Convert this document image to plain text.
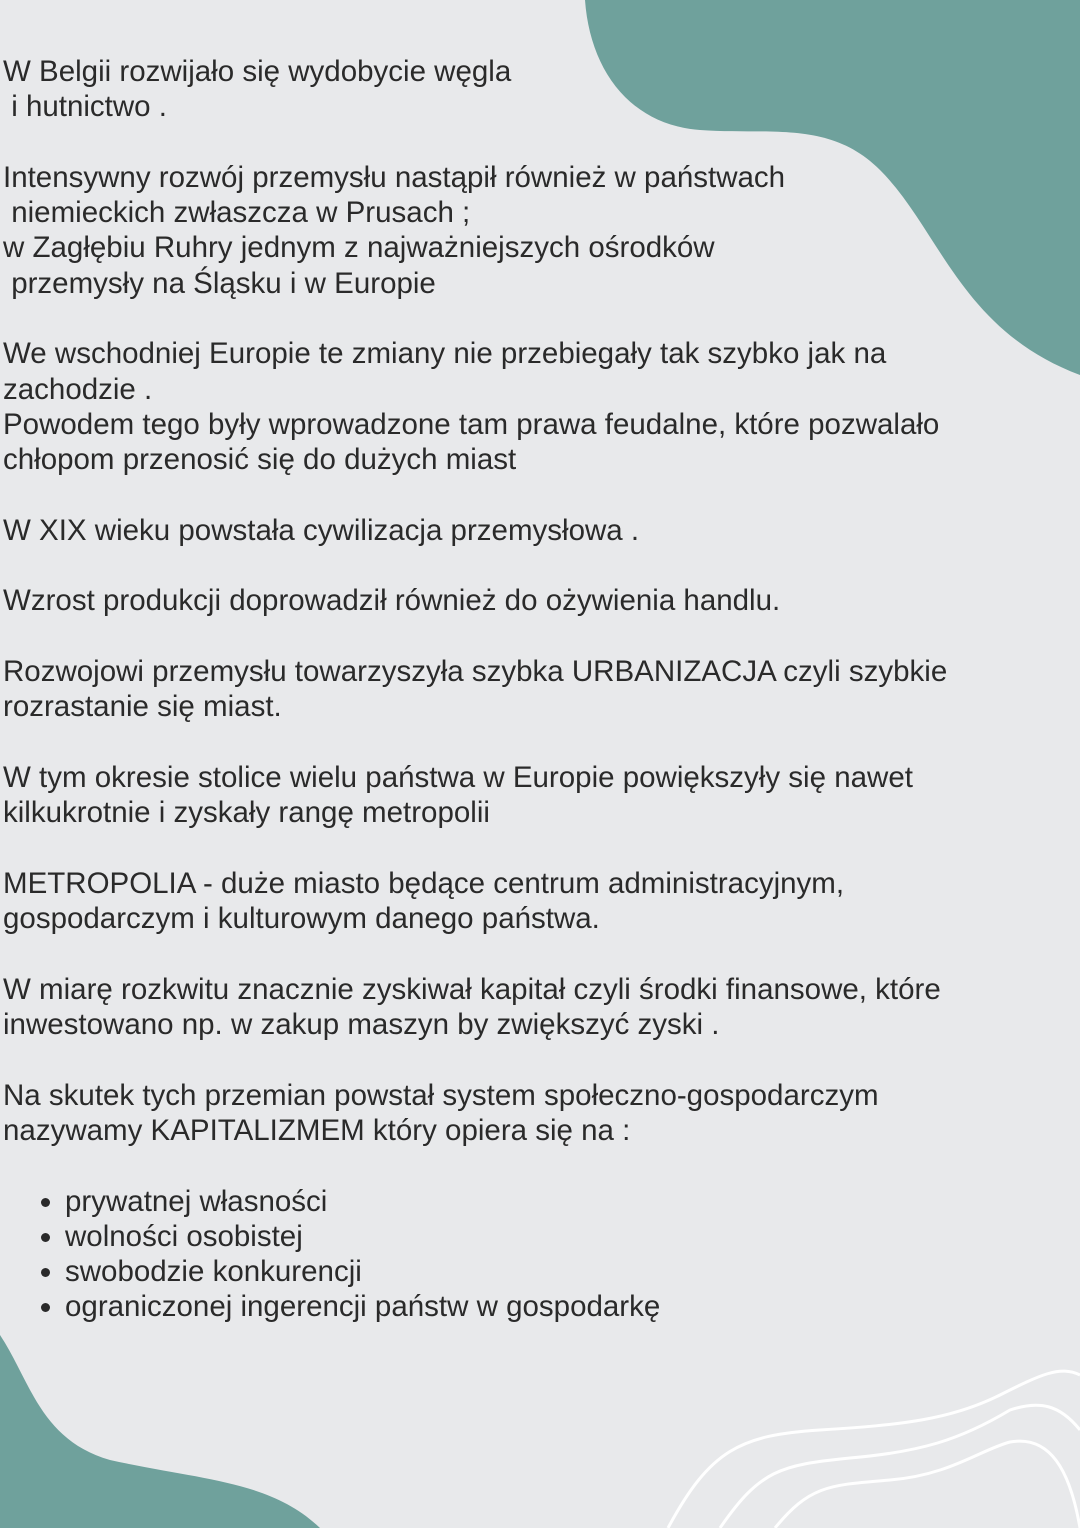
W Belgii rozwijało się wydobycie węgla
i hutnictwo .

Intensywny rozwój przemysłu nastąpił również w państwach
niemieckich zwłaszcza w Prusach ;
w Zagłębiu Ruhry jednym z najważniejszych ośrodków
przemysły na Śląsku i w Europie

We wschodniej Europie te zmiany nie przebiegały tak szybko jak na
zachodzie .
Powodem tego były wprowadzone tam prawa feudalne, które pozwalało
chłopom przenosić się do dużych miast

W XIX wieku powstała cywilizacja przemysłowa .

Wzrost produkcji doprowadził również do ożywienia handlu.

Rozwojowi przemysłu towarzyszyła szybka URBANIZACJA czyli szybkie
rozrastanie się miast.

W tym okresie stolice wielu państwa w Europie powiększyły się nawet
kilkukrotnie i zyskały rangę metropolii

METROPOLIA - duże miasto będące centrum administracyjnym,
gospodarczym i kulturowym danego państwa.

W miarę rozkwitu znacznie zyskiwał kapitał czyli środki finansowe, które
inwestowano np. w zakup maszyn by zwiększyć zyski .

Na skutek tych przemian powstał system społeczno-gospodarczym
nazywamy KAPITALIZMEM który opiera się na :

• prywatnej własności
• wolności osobistej
• swobodzie konkurencji
• ograniczonej ingerencji państw w gospodarkę
